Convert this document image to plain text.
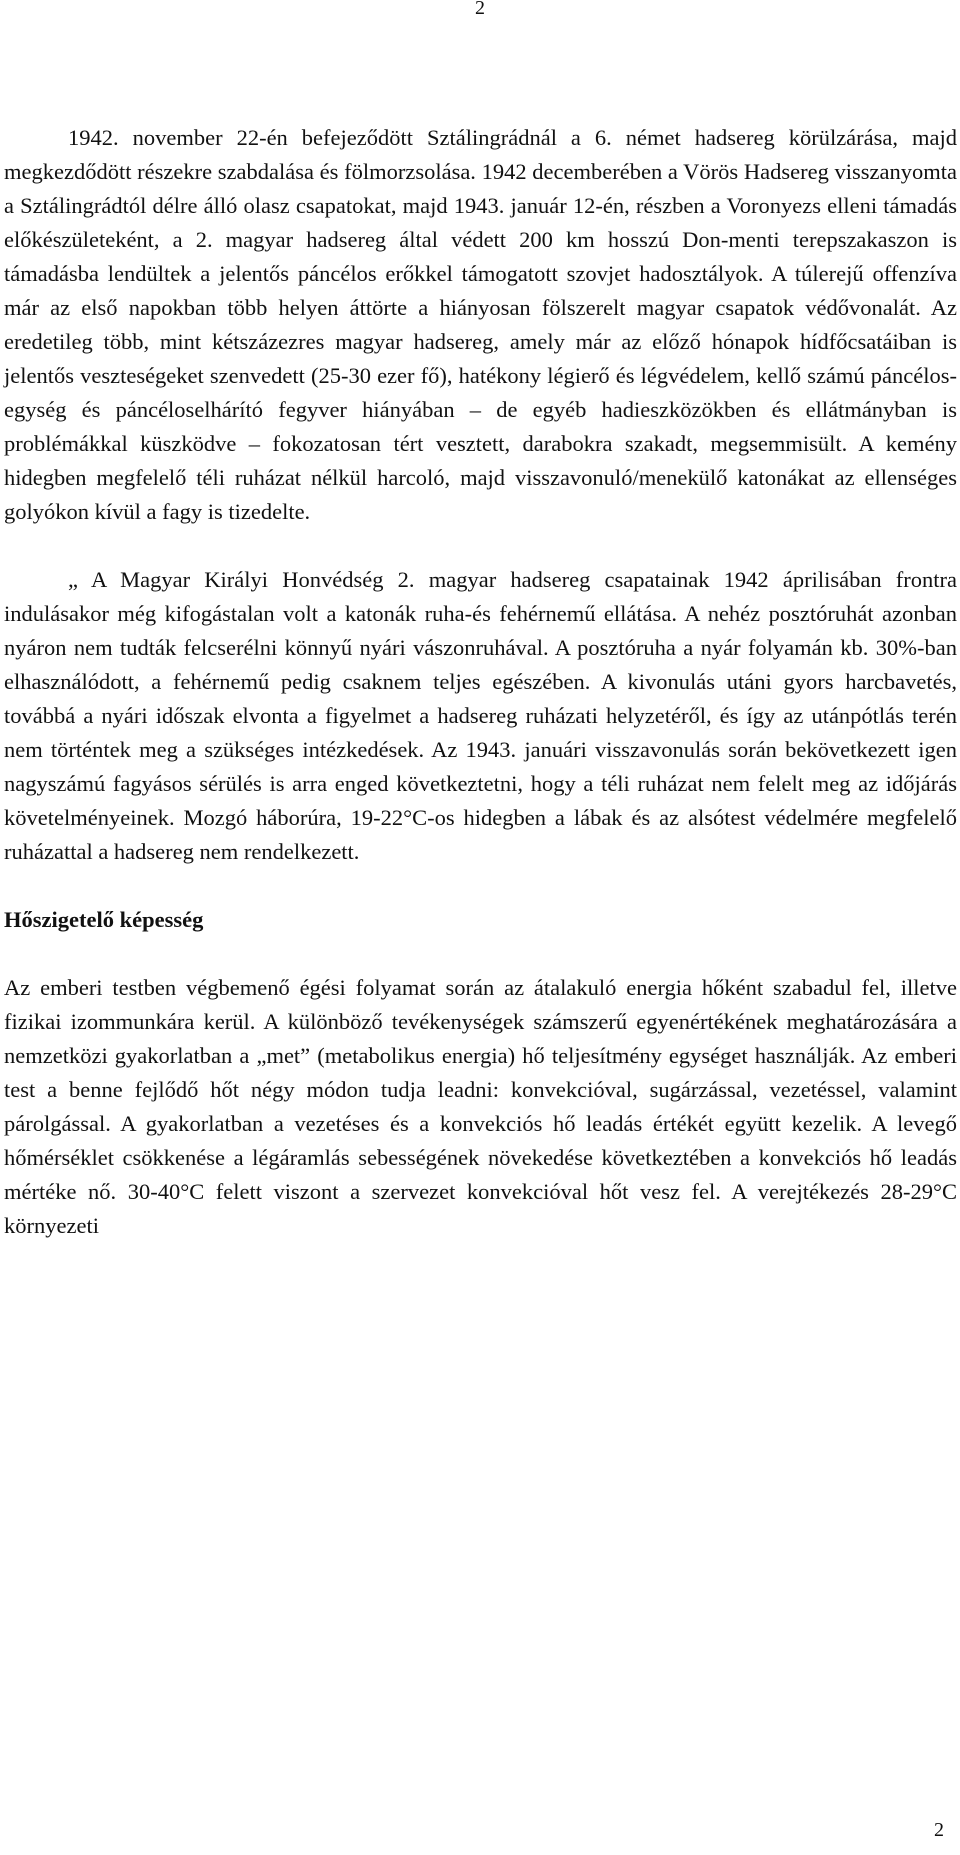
2

1942. november 22-én befejeződött Sztálingrádnál a 6. német hadsereg körülzárása, majd megkezdődött részekre szabdalása és fölmorzsolása. 1942 decemberében a Vörös Hadsereg visszanyomta a Sztálingrádtól délre álló olasz csapatokat, majd 1943. január 12-én, részben a Voronyezs elleni támadás előkészületeként, a 2. magyar hadsereg által védett 200 km hosszú Don-menti terepszakaszon is támadásba lendültek a jelentős páncélos erőkkel támogatott szovjet hadosztályok. A túlerejű offenzíva már az első napokban több helyen áttörte a hiányosan fölszerelt magyar csapatok védővonalát. Az eredetileg több, mint kétszázezres magyar hadsereg, amely már az előző hónapok hídfőcsatáiban is jelentős veszteségeket szenvedett (25-30 ezer fő), hatékony légierő és légvédelem, kellő számú páncélos-egység és páncéloselhárító fegyver hiányában – de egyéb hadieszközökben és ellátmányban is problémákkal küszködve – fokozatosan tért vesztett, darabokra szakadt, megsemmisült. A kemény hidegben megfelelő téli ruházat nélkül harcoló, majd visszavonuló/menekülő katonákat az ellenséges golyókon kívül a fagy is tizedelte.

„ A Magyar Királyi Honvédség 2. magyar hadsereg csapatainak 1942 áprilisában frontra indulásakor még kifogástalan volt a katonák ruha-és fehérnemű ellátása. A nehéz posztóruhát azonban nyáron nem tudták felcserélni könnyű nyári vászonruhával. A posztóruha a nyár folyamán kb. 30%-ban elhasználódott, a fehérnemű pedig csaknem teljes egészében. A kivonulás utáni gyors harcbavetés, továbbá a nyári időszak elvonta a figyelmet a hadsereg ruházati helyzetéről, és így az utánpótlás terén nem történtek meg a szükséges intézkedések. Az 1943. januári visszavonulás során bekövetkezett igen nagyszámú fagyásos sérülés is arra enged következtetni, hogy a téli ruházat nem felelt meg az időjárás követelményeinek. Mozgó háborúra, 19-22°C-os hidegben a lábak és az alsótest védelmére megfelelő ruházattal a hadsereg nem rendelkezett.

Hőszigetelő képesség

Az emberi testben végbemenő égési folyamat során az átalakuló energia hőként szabadul fel, illetve fizikai izommunkára kerül. A különböző tevékenységek számszerű egyenértékének meghatározására a nemzetközi gyakorlatban a „met” (metabolikus energia) hő teljesítmény egységet használják. Az emberi test a benne fejlődő hőt négy módon tudja leadni: konvekcióval, sugárzással, vezetéssel, valamint párolgással. A gyakorlatban a vezetéses és a konvekciós hő leadás értékét együtt kezelik. A levegő hőmérséklet csökkenése a légáramlás sebességének növekedése következtében a konvekciós hő leadás mértéke nő. 30-40°C felett viszont a szervezet konvekcióval hőt vesz fel. A verejtékezés 28-29°C környezeti

2
